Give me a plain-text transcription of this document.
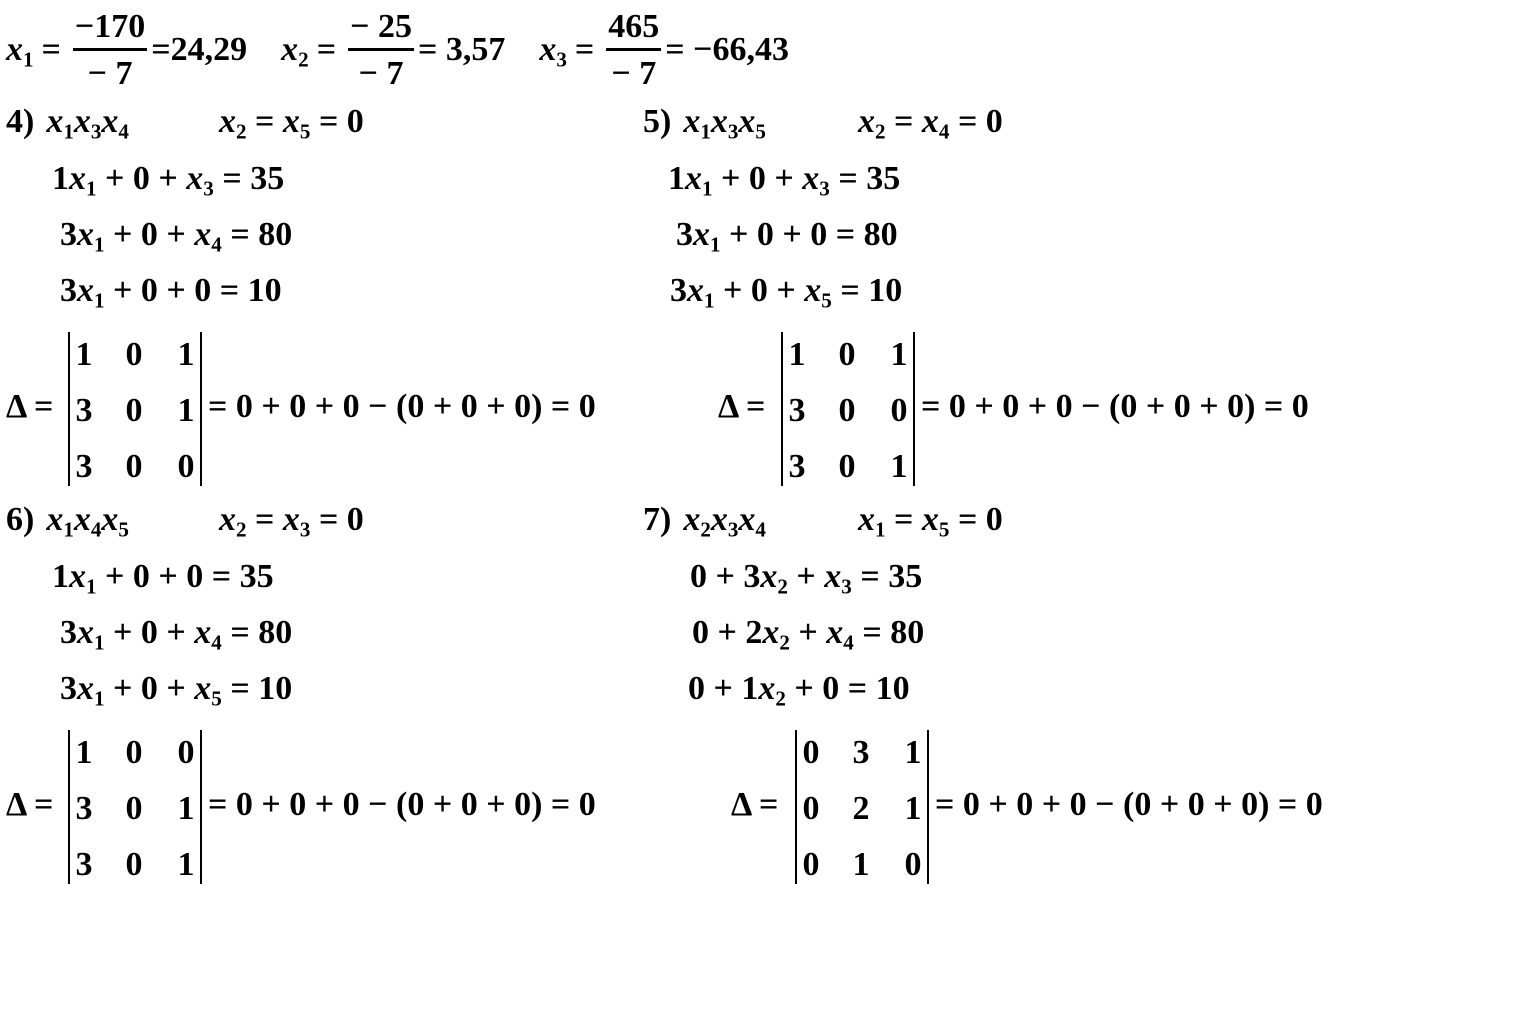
$x_1 = \frac{-170}{- 7} =24,29$ $x_2 = \frac{- 25}{- 7} = 3,57$ $x_3 = \frac{465}{- 7} = -66,43$
4) $x_1x_3x_4$	$x_2 = x_5 = 0$
$1x_1 + 0 + x_3 = 35$
$3x_1 + 0 + x_4 = 80$
$3x_1 + 0 + 0 = 10$
Δ =
1 0	1
3 0	1
3 0	0
= 0 + 0 + 0 − (0 + 0 + 0) = 0
5) $x_1x_3x_5$	$x_2 = x_4 = 0$
$1x_1 + 0 + x_3 = 35$
$3x_1 + 0 + 0 = 80$
$3x_1 + 0 + x_5 = 10$
Δ =
1 0	1
3 0	0
3 0	1
= 0 + 0 + 0 − (0 + 0 + 0) = 0
6) $x_1x_4x_5$	$x_2 = x_3 = 0$
$1x_1 + 0 + 0 = 35$
$3x_1 + 0 + x_4 = 80$
$3x_1 + 0 + x_5 = 10$
Δ =
1 0	0
3 0	1
3 0	1
= 0 + 0 + 0 − (0 + 0 + 0) = 0
7) $x_2x_3x_4$	$x_1 = x_5 = 0$
$0 + 3x_2 + x_3 = 35$
$0 + 2x_2 + x_4 = 80$
$0 + 1x_2 + 0 = 10$
Δ =
0 3	1
0 2	1
0 1	0
= 0 + 0 + 0 − (0 + 0 + 0) = 0
